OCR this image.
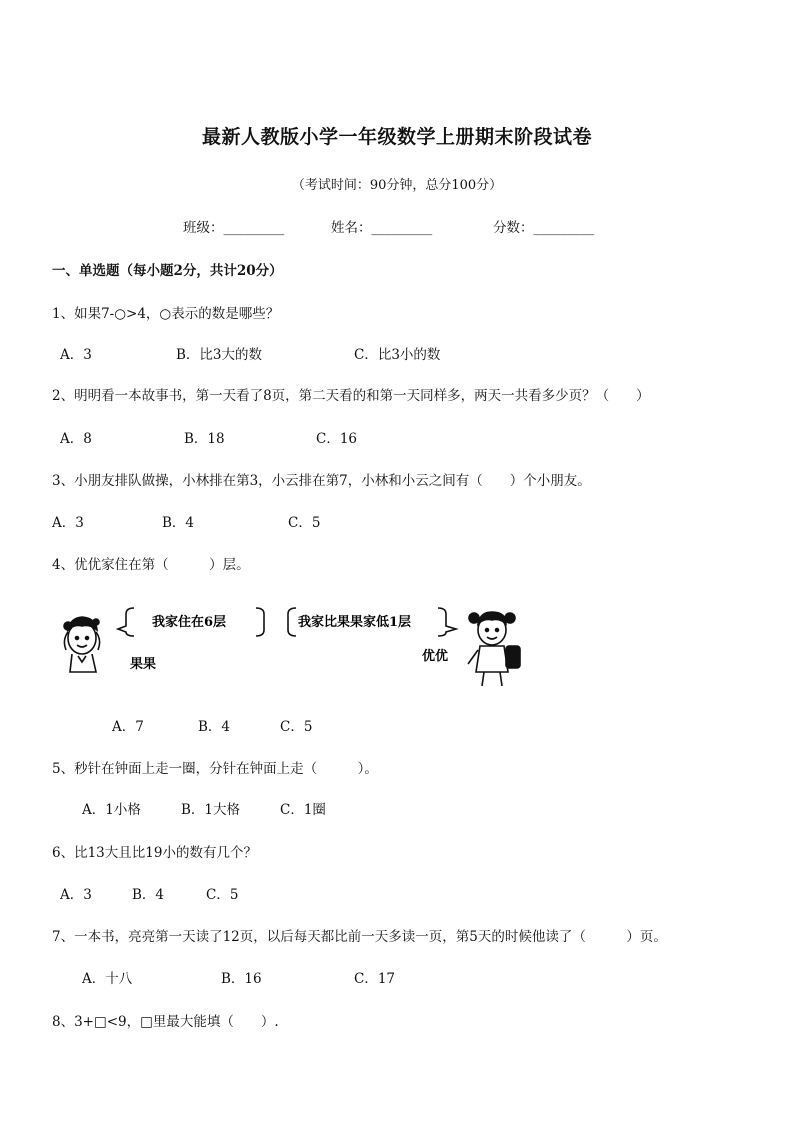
最新人教版小学一年级数学上册期末阶段试卷
（考试时间：90分钟，总分100分）
班级：_________	姓名：_________	分数：_________
一、单选题（每小题2分，共计20分）
1、如果7-○>4，○表示的数是哪些？
A．3	B．比3大的数	C．比3小的数
2、明明看一本故事书，第一天看了8页，第二天看的和第一天同样多，两天一共看多少页？（　　）
A．8	B．18	C．16
3、小朋友排队做操，小林排在第3，小云排在第7，小林和小云之间有（　　）个小朋友。
A．3	B．4	C．5
4、优优家住在第（　　　）层。
我家住在6层	我家比果果家低1层
果果
优优
A．7	B．4	C．5
5、秒针在钟面上走一圈，分针在钟面上走（　　　）。
A．1小格	B．1大格	C．1圈
6、比13大且比19小的数有几个？
A．3	B．4	C．5
7、一本书，亮亮第一天读了12页，以后每天都比前一天多读一页，第5天的时候他读了（　　　）页。
A．十八	B．16	C．17
8、3+□<9，□里最大能填（　　）.
